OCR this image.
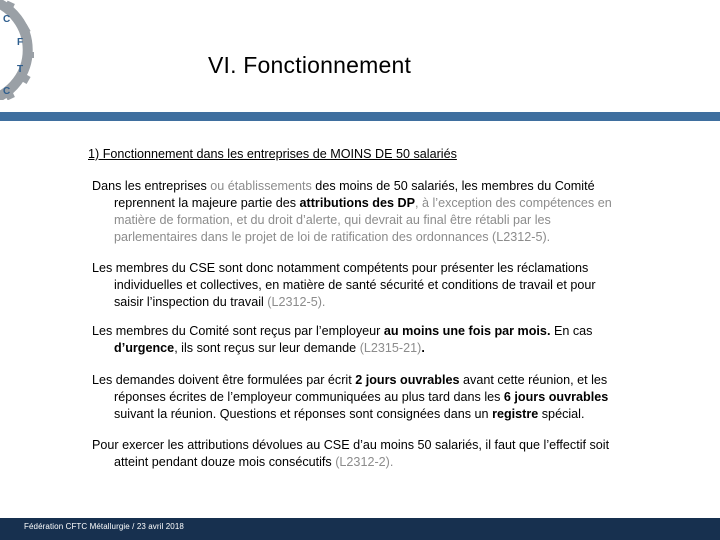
C
F
T
C
VI. Fonctionnement
1) Fonctionnement dans les entreprises de MOINS DE 50 salariés
Dans les entreprises ou établissements des moins de 50 salariés, les membres du Comité
reprennent la majeure partie des attributions des DP, à l’exception des compétences en
matière de formation, et du droit d’alerte, qui devrait au final être rétabli par les
parlementaires dans le projet de loi de ratification des ordonnances (L2312-5).
Les membres du CSE sont donc notamment compétents pour présenter les réclamations
individuelles et collectives, en matière de santé sécurité et conditions de travail et pour
saisir l’inspection du travail (L2312-5).
Les membres du Comité sont reçus par l’employeur au moins une fois par mois. En cas
d’urgence, ils sont reçus sur leur demande (L2315-21).
Les demandes doivent être formulées par écrit 2 jours ouvrables avant cette réunion, et les
réponses écrites de l’employeur communiquées au plus tard dans les 6 jours ouvrables
suivant la réunion. Questions et réponses sont consignées dans un registre spécial.
Pour exercer les attributions dévolues au CSE d’au moins 50 salariés, il faut que l’effectif soit
atteint pendant douze mois consécutifs (L2312-2).
Fédération CFTC Métallurgie / 23 avril 2018
